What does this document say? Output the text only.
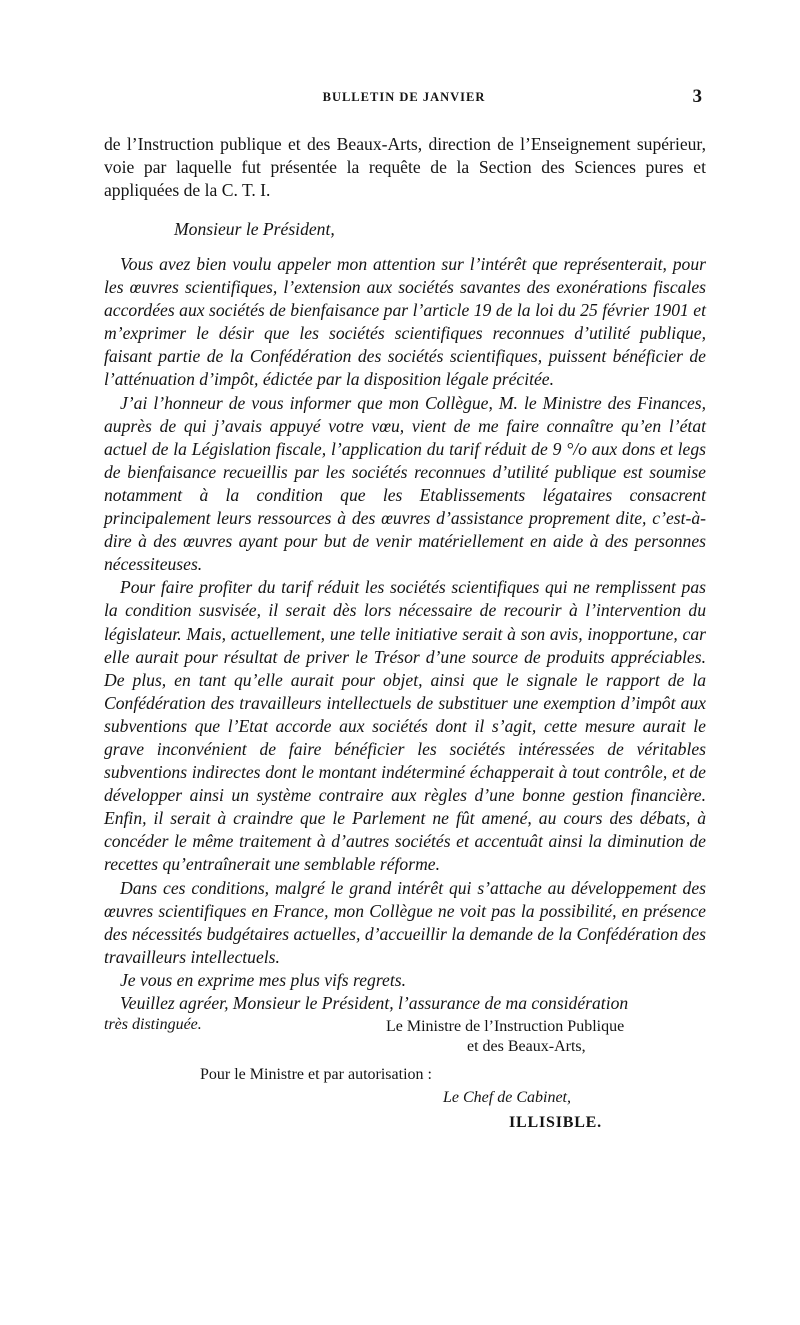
BULLETIN DE JANVIER	3

de l’Instruction publique et des Beaux-Arts, direction de l’Enseignement supérieur, voie par laquelle fut présentée la requête de la Section des Sciences pures et appliquées de la C. T. I.

Monsieur le Président,

Vous avez bien voulu appeler mon attention sur l’intérêt que représenterait, pour les œuvres scientifiques, l’extension aux sociétés savantes des exonérations fiscales accordées aux sociétés de bienfaisance par l’article 19 de la loi du 25 février 1901 et m’exprimer le désir que les sociétés scientifiques reconnues d’utilité publique, faisant partie de la Confédération des sociétés scientifiques, puissent bénéficier de l’atténuation d’impôt, édictée par la disposition légale précitée.

J’ai l’honneur de vous informer que mon Collègue, M. le Ministre des Finances, auprès de qui j’avais appuyé votre vœu, vient de me faire connaître qu’en l’état actuel de la Législation fiscale, l’application du tarif réduit de 9 °/o aux dons et legs de bienfaisance recueillis par les sociétés reconnues d’utilité publique est soumise notamment à la condition que les Etablissements légataires consacrent principalement leurs ressources à des œuvres d’assistance proprement dite, c’est-à-dire à des œuvres ayant pour but de venir matériellement en aide à des personnes nécessiteuses.

Pour faire profiter du tarif réduit les sociétés scientifiques qui ne remplissent pas la condition susvisée, il serait dès lors nécessaire de recourir à l’intervention du législateur. Mais, actuellement, une telle initiative serait à son avis, inopportune, car elle aurait pour résultat de priver le Trésor d’une source de produits appréciables. De plus, en tant qu’elle aurait pour objet, ainsi que le signale le rapport de la Confédération des travailleurs intellectuels de substituer une exemption d’impôt aux subventions que l’Etat accorde aux sociétés dont il s’agit, cette mesure aurait le grave inconvénient de faire bénéficier les sociétés intéressées de véritables subventions indirectes dont le montant indéterminé échapperait à tout contrôle, et de développer ainsi un système contraire aux règles d’une bonne gestion financière. Enfin, il serait à craindre que le Parlement ne fût amené, au cours des débats, à concéder le même traitement à d’autres sociétés et accentuât ainsi la diminution de recettes qu’entraînerait une semblable réforme.

Dans ces conditions, malgré le grand intérêt qui s’attache au développement des œuvres scientifiques en France, mon Collègue ne voit pas la possibilité, en présence des nécessités budgétaires actuelles, d’accueillir la demande de la Confédération des travailleurs intellectuels.

Je vous en exprime mes plus vifs regrets.

Veuillez agréer, Monsieur le Président, l’assurance de ma considération

très distinguée.	Le Ministre de l’Instruction Publique
et des Beaux-Arts,
Pour le Ministre et par autorisation :
Le Chef de Cabinet,
ILLISIBLE.
